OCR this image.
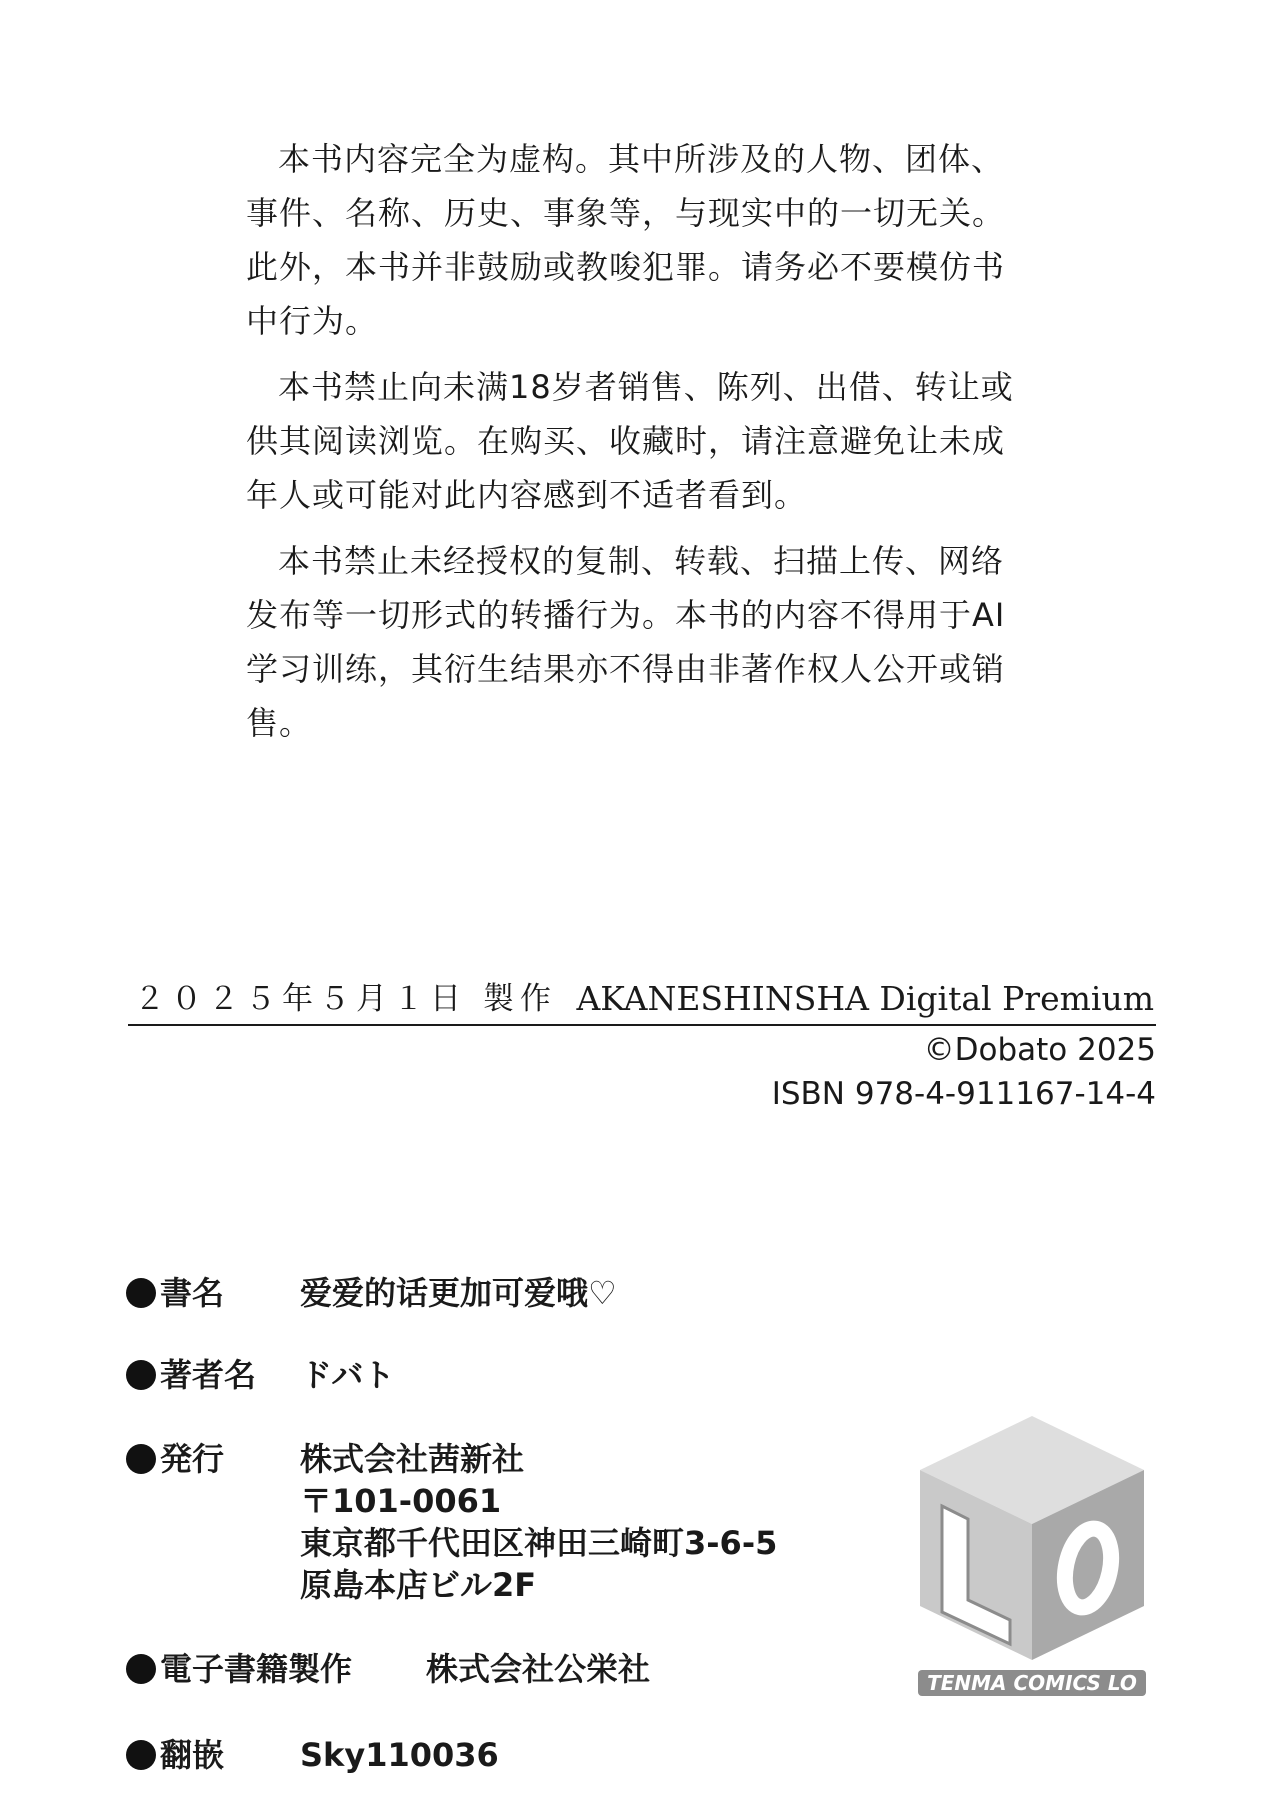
本书内容完全为虚构。其中所涉及的人物、团体、事件、名称、历史、事象等，与现实中的一切无关。此外，本书并非鼓励或教唆犯罪。请务必不要模仿书中行为。

本书禁止向未满18岁者销售、陈列、出借、转让或供其阅读浏览。在购买、收藏时，请注意避免让未成年人或可能对此内容感到不适者看到。

本书禁止未经授权的复制、转载、扫描上传、网络发布等一切形式的转播行为。本书的内容不得用于AI学习训练，其衍生结果亦不得由非著作权人公开或销售。

２０２５年５月１日 製作 AKANESHINSHA Digital Premium
©Dobato 2025
ISBN 978-4-911167-14-4
書名	爱爱的话更加可爱哦♡
著者名	ドバト
発行	株式会社茜新社
〒101-0061
東京都千代田区神田三崎町3-6-5
原島本店ビル2F
電子書籍製作	株式会社公栄社
翻嵌	Sky110036
TENMA COMICS LO
